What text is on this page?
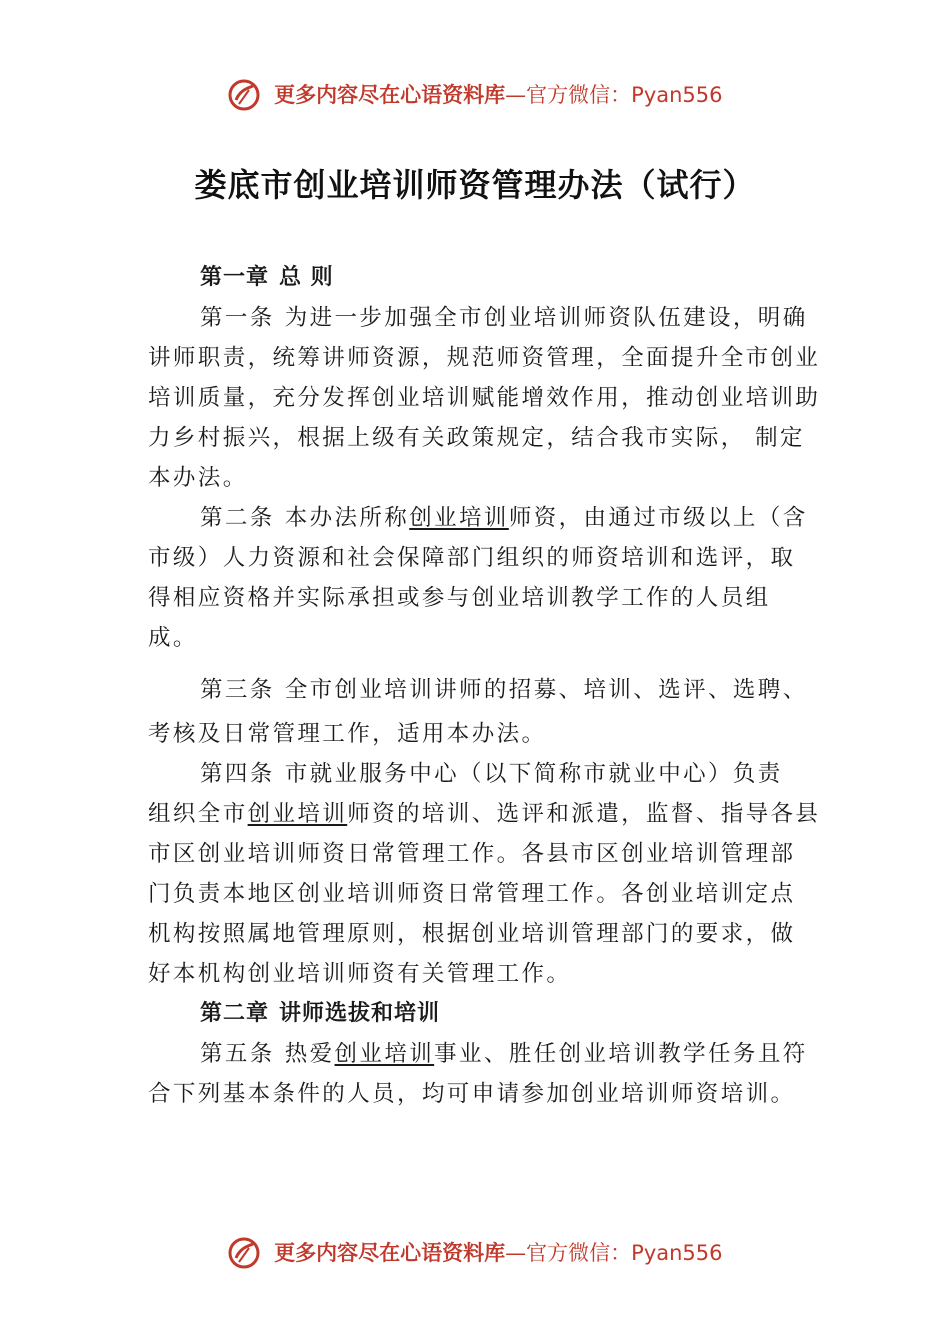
更多内容尽在心语资料库—官方微信：Pyan556
娄底市创业培训师资管理办法（试行）
第一章 总 则
第一条 为进一步加强全市创业培训师资队伍建设，明确
讲师职责，统筹讲师资源，规范师资管理，全面提升全市创业
培训质量，充分发挥创业培训赋能增效作用，推动创业培训助
力乡村振兴，根据上级有关政策规定，结合我市实际， 制定
本办法。
第二条 本办法所称创业培训师资，由通过市级以上（含
市级）人力资源和社会保障部门组织的师资培训和选评，取
得相应资格并实际承担或参与创业培训教学工作的人员组
成。
第三条 全市创业培训讲师的招募、培训、选评、选聘、
考核及日常管理工作，适用本办法。
第四条 市就业服务中心（以下简称市就业中心）负责
组织全市创业培训师资的培训、选评和派遣，监督、指导各县
市区创业培训师资日常管理工作。各县市区创业培训管理部
门负责本地区创业培训师资日常管理工作。各创业培训定点
机构按照属地管理原则，根据创业培训管理部门的要求，做
好本机构创业培训师资有关管理工作。
第二章 讲师选拔和培训
第五条 热爱创业培训事业、胜任创业培训教学任务且符
合下列基本条件的人员，均可申请参加创业培训师资培训。
更多内容尽在心语资料库—官方微信：Pyan556
